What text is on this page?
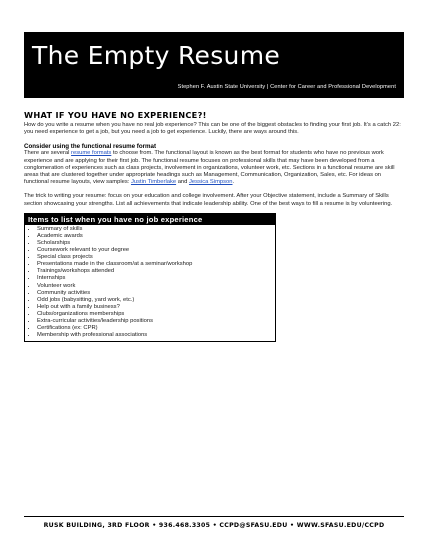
The Empty Resume
Stephen F. Austin State University | Center for Career and Professional Development
WHAT IF YOU HAVE NO EXPERIENCE?!

How do you write a resume when you have no real job experience? This can be one of the biggest obstacles to finding your first job. It’s a catch 22: you need experience to get a job, but you need a job to get experience. Luckily, there are ways around this.

Consider using the functional resume format

There are several resume formats to choose from. The functional layout is known as the best format for students who have no previous work experience and are applying for their first job. The functional resume focuses on professional skills that may have been developed from a conglomeration of experiences such as class projects, involvement in organizations, volunteer work, etc. Sections in a functional resume are skill areas that are clustered together under appropriate headings such as Management, Communication, Organization, Sales, etc. For ideas on functional resume layouts, view samples: Justin Timberlake and Jessica Simpson.

The trick to writing your resume: focus on your education and college involvement. After your Objective statement, include a Summary of Skills section showcasing your strengths. List all achievements that indicate leadership ability. One of the best ways to fill a resume is by volunteering.

Items to list when you have no job experience
• Summary of skills
• Academic awards
• Scholarships
• Coursework relevant to your degree
• Special class projects
• Presentations made in the classroom/at a seminar/workshop
• Trainings/workshops attended
• Internships
• Volunteer work
• Community activities
• Odd jobs (babysitting, yard work, etc.)
• Help out with a family business?
• Clubs/organizations memberships
• Extra-curricular activities/leadership positions
• Certifications (ex: CPR)
• Membership with professional associations
RUSK BUILDING, 3RD FLOOR • 936.468.3305 • CCPD@SFASU.EDU • WWW.SFASU.EDU/CCPD
